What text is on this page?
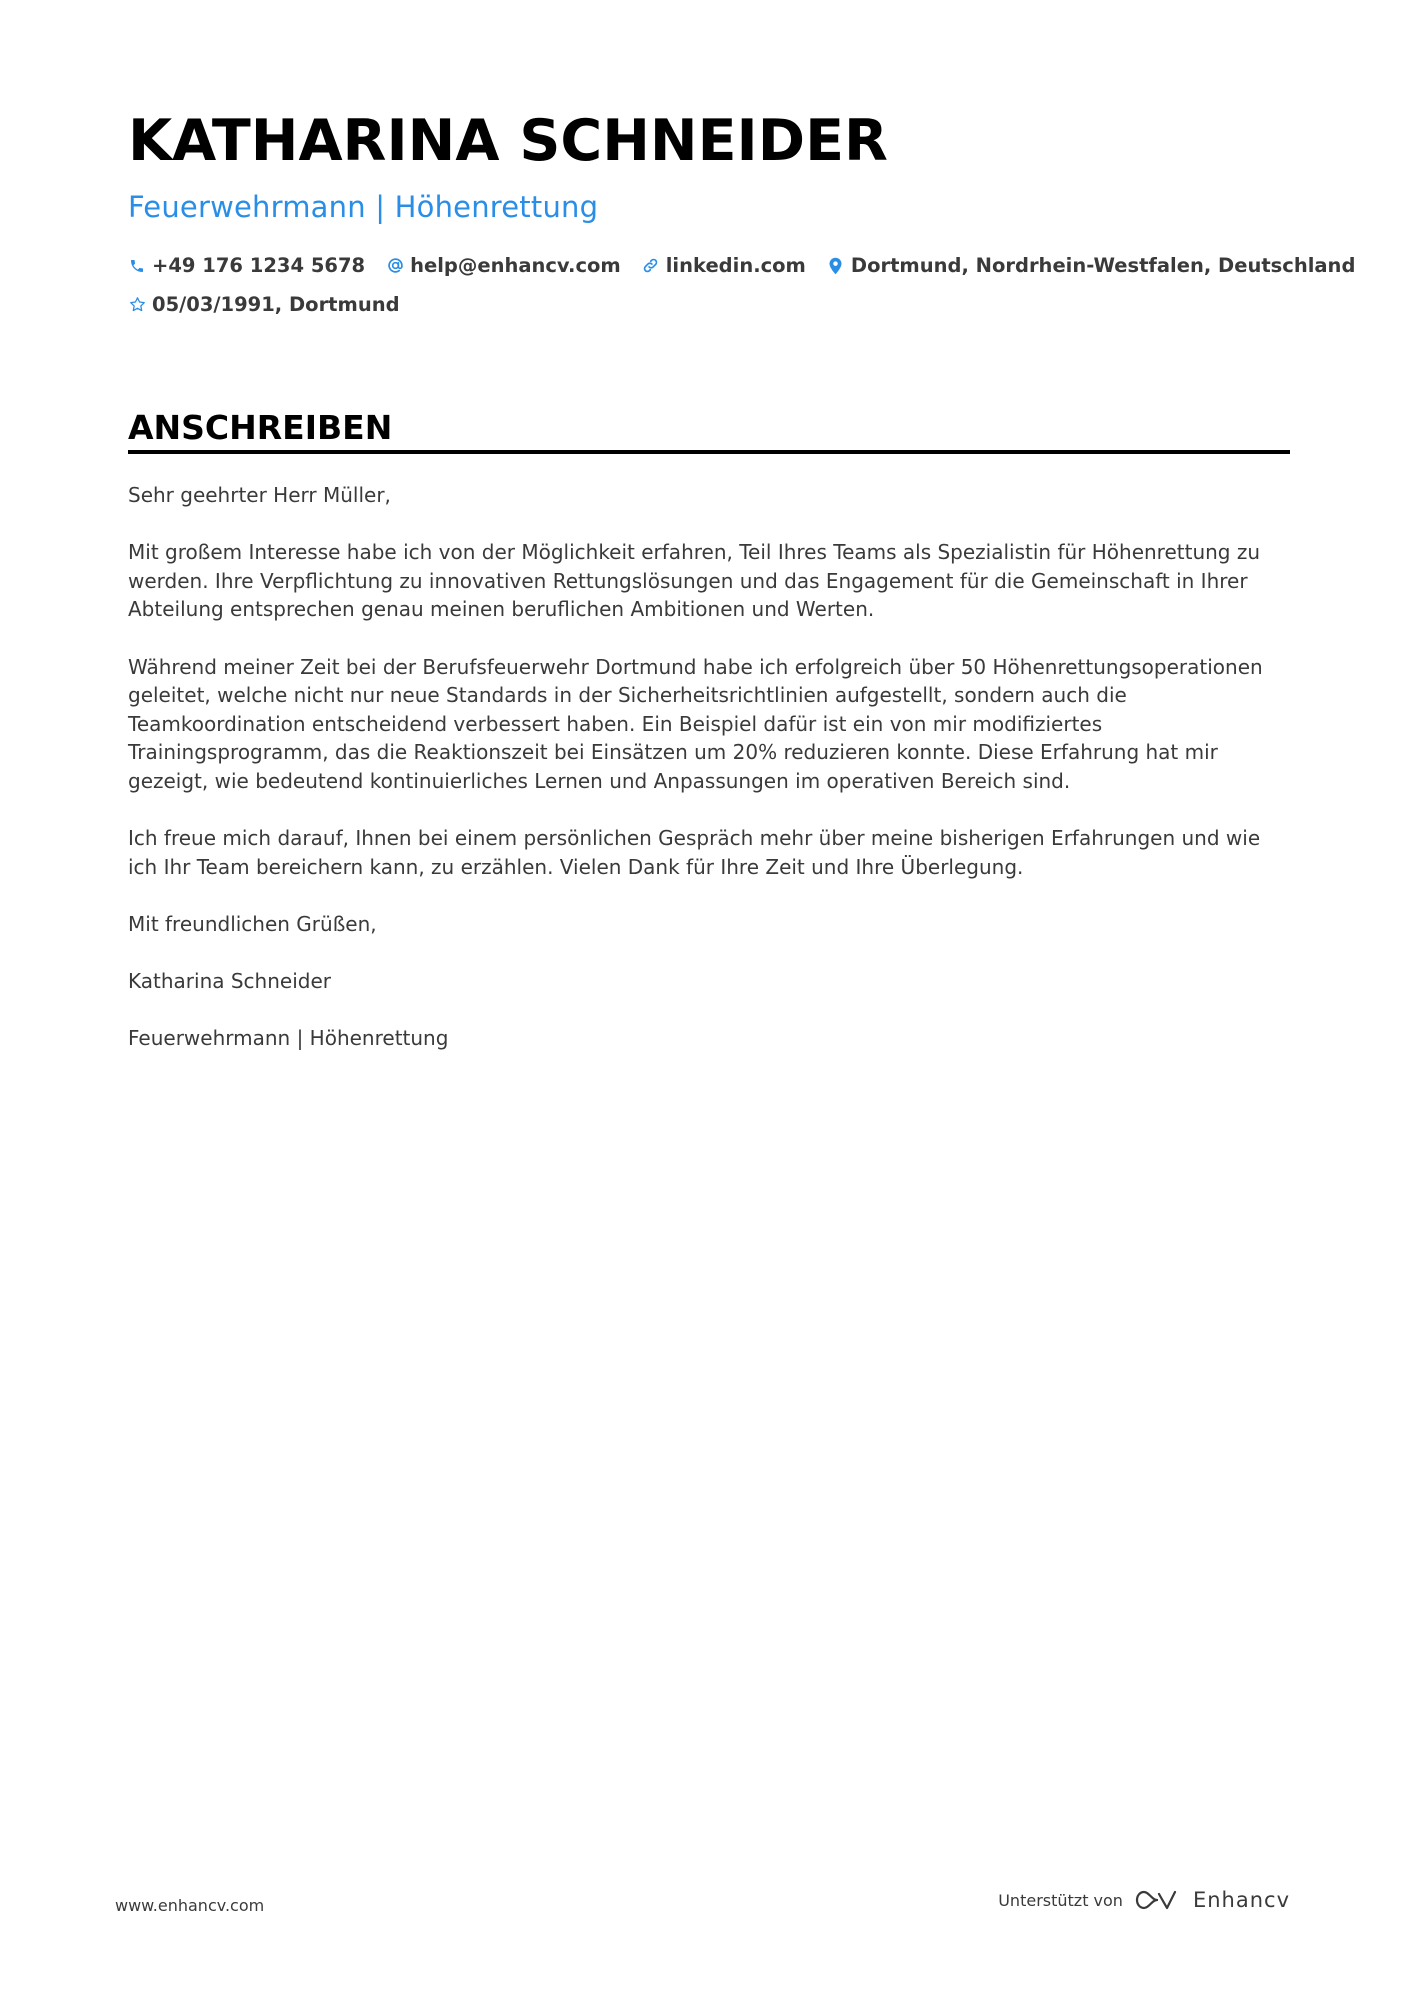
KATHARINA SCHNEIDER
Feuerwehrmann | Höhenrettung
+49 176 1234 5678 help@enhancv.com linkedin.com Dortmund, Nordrhein-Westfalen, Deutschland
05/03/1991, Dortmund
ANSCHREIBEN

Sehr geehrter Herr Müller,

Mit großem Interesse habe ich von der Möglichkeit erfahren, Teil Ihres Teams als Spezialistin für Höhenrettung zu werden. Ihre Verpflichtung zu innovativen Rettungslösungen und das Engagement für die Gemeinschaft in Ihrer Abteilung entsprechen genau meinen beruflichen Ambitionen und Werten.

Während meiner Zeit bei der Berufsfeuerwehr Dortmund habe ich erfolgreich über 50 Höhenrettungsoperationen geleitet, welche nicht nur neue Standards in der Sicherheitsrichtlinien aufgestellt, sondern auch die Teamkoordination entscheidend verbessert haben. Ein Beispiel dafür ist ein von mir modifiziertes Trainingsprogramm, das die Reaktionszeit bei Einsätzen um 20% reduzieren konnte. Diese Erfahrung hat mir gezeigt, wie bedeutend kontinuierliches Lernen und Anpassungen im operativen Bereich sind.

Ich freue mich darauf, Ihnen bei einem persönlichen Gespräch mehr über meine bisherigen Erfahrungen und wie ich Ihr Team bereichern kann, zu erzählen. Vielen Dank für Ihre Zeit und Ihre Überlegung.

Mit freundlichen Grüßen,

Katharina Schneider

Feuerwehrmann | Höhenrettung

www.enhancv.com	Unterstützt von	Enhancv
